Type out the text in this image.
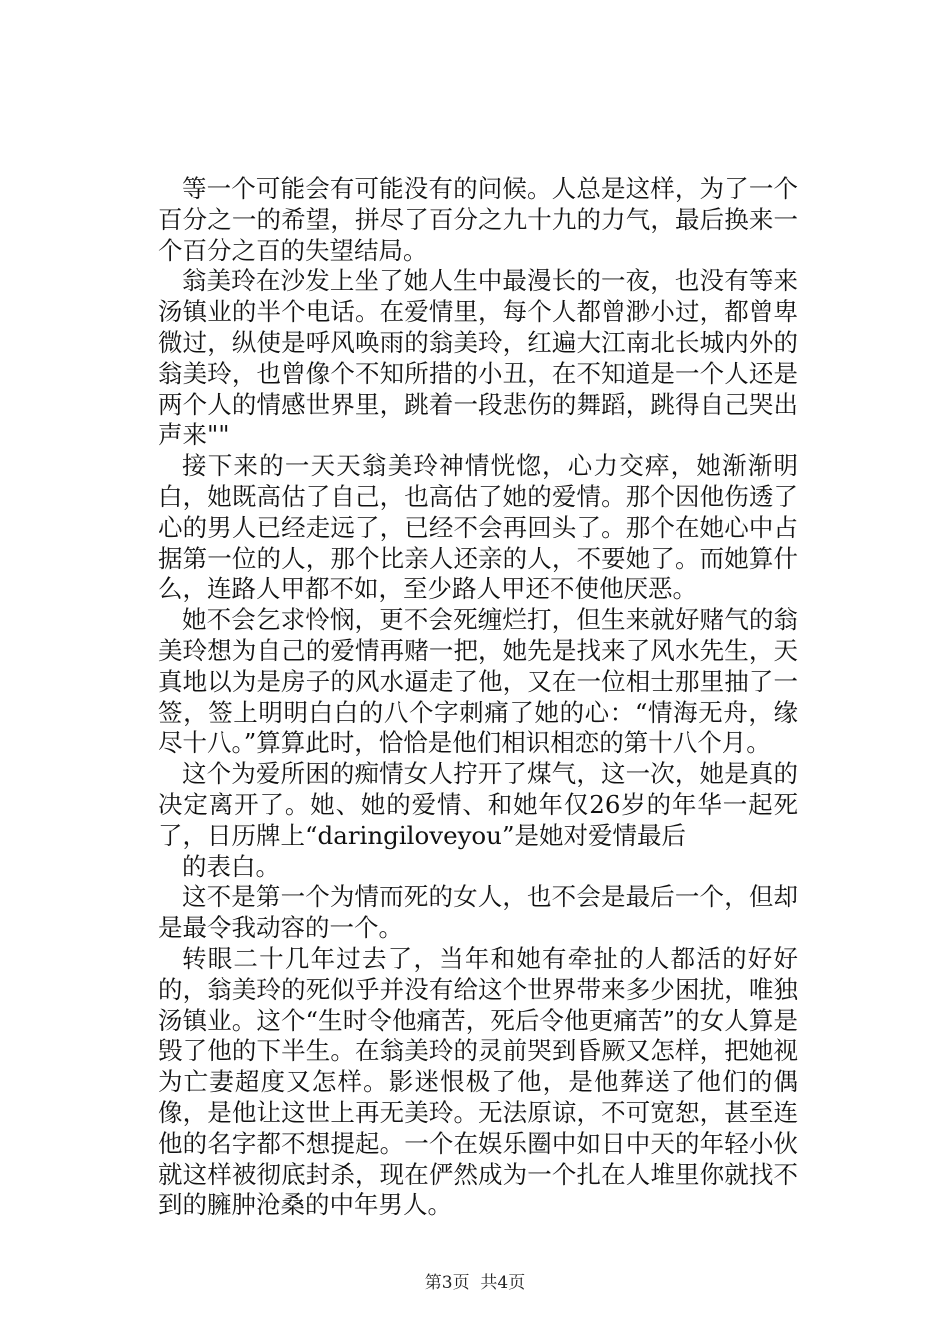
等一个可能会有可能没有的问候。人总是这样，为了一个百分之一的希望，拼尽了百分之九十九的力气，最后换来一个百分之百的失望结局。

翁美玲在沙发上坐了她人生中最漫长的一夜，也没有等来汤镇业的半个电话。在爱情里，每个人都曾渺小过，都曾卑微过，纵使是呼风唤雨的翁美玲，红遍大江南北长城内外的翁美玲，也曾像个不知所措的小丑，在不知道是一个人还是两个人的情感世界里，跳着一段悲伤的舞蹈，跳得自己哭出声来""

接下来的一天天翁美玲神情恍惚，心力交瘁，她渐渐明白，她既高估了自己，也高估了她的爱情。那个因他伤透了心的男人已经走远了，已经不会再回头了。那个在她心中占据第一位的人，那个比亲人还亲的人，不要她了。而她算什么，连路人甲都不如，至少路人甲还不使他厌恶。

她不会乞求怜悯，更不会死缠烂打，但生来就好赌气的翁美玲想为自己的爱情再赌一把，她先是找来了风水先生，天真地以为是房子的风水逼走了他，又在一位相士那里抽了一签，签上明明白白的八个字刺痛了她的心：“情海无舟，缘尽十八。”算算此时，恰恰是他们相识相恋的第十八个月。

这个为爱所困的痴情女人拧开了煤气，这一次，她是真的决定离开了。她、她的爱情、和她年仅26岁的年华一起死了，日历牌上“daringiloveyou”是她对爱情最后

的表白。

这不是第一个为情而死的女人，也不会是最后一个，但却是最令我动容的一个。

转眼二十几年过去了，当年和她有牵扯的人都活的好好的，翁美玲的死似乎并没有给这个世界带来多少困扰，唯独汤镇业。这个“生时令他痛苦，死后令他更痛苦”的女人算是毁了他的下半生。在翁美玲的灵前哭到昏厥又怎样，把她视为亡妻超度又怎样。影迷恨极了他，是他葬送了他们的偶像，是他让这世上再无美玲。无法原谅，不可宽恕，甚至连他的名字都不想提起。一个在娱乐圈中如日中天的年轻小伙就这样被彻底封杀，现在俨然成为一个扎在人堆里你就找不到的臃肿沧桑的中年男人。

第3页  共4页
